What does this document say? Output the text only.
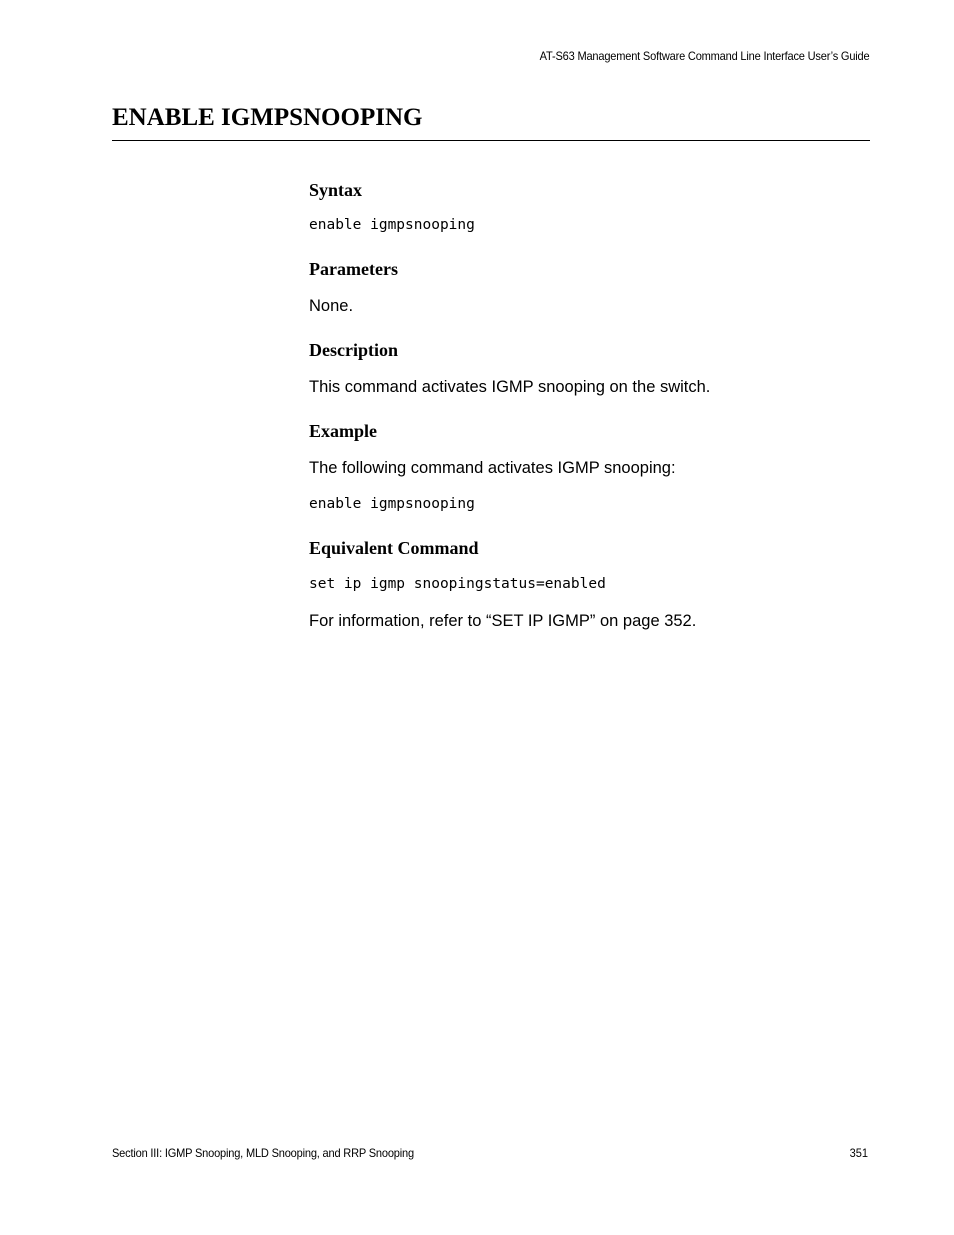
AT-S63 Management Software Command Line Interface User’s Guide
ENABLE IGMPSNOOPING
Syntax
enable igmpsnooping
Parameters

None.

Description

This command activates IGMP snooping on the switch.

Example

The following command activates IGMP snooping:

enable igmpsnooping
Equivalent Command
set ip igmp snoopingstatus=enabled

For information, refer to “SET IP IGMP” on page 352.

Section III: IGMP Snooping, MLD Snooping, and RRP Snooping	351
